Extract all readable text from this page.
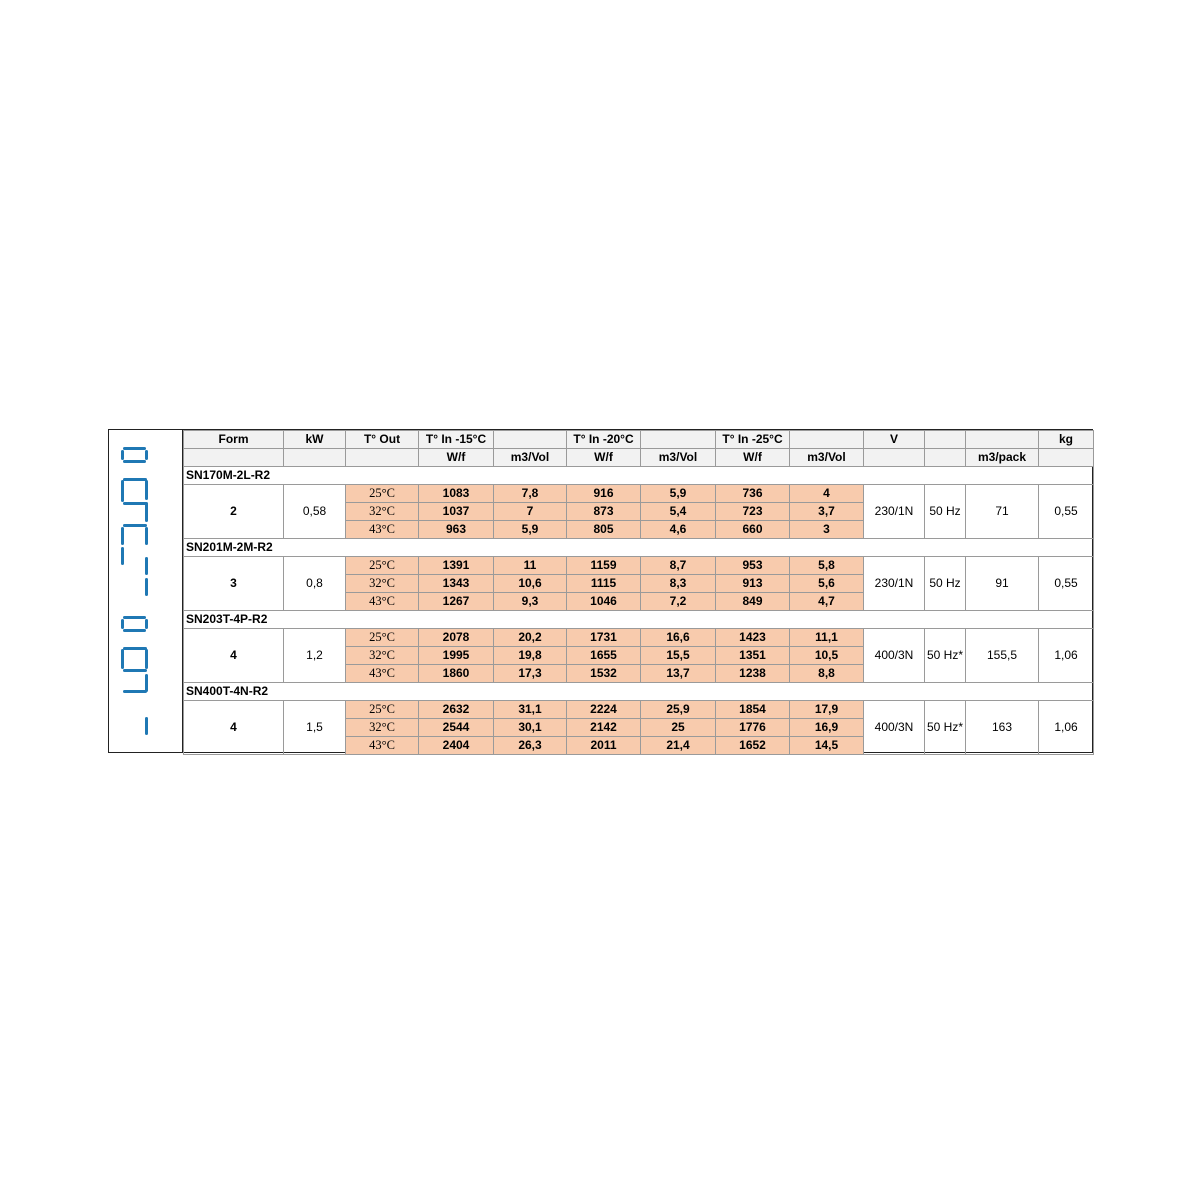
Form	kW	T° Out	T° In -15°C		T° In -20°C		T° In -25°C		V			kg
			W/f	m3/Vol	W/f	m3/Vol	W/f	m3/Vol			m3/pack	
SN170M-2L-R2												
2	0,58	25°C	1083	7,8	916	5,9	736	4	230/1N	50 Hz	71	0,55
		32°C	1037	7	873	5,4	723	3,7				
		43°C	963	5,9	805	4,6	660	3				
SN201M-2M-R2												
3	0,8	25°C	1391	11	1159	8,7	953	5,8	230/1N	50 Hz	91	0,55
		32°C	1343	10,6	1115	8,3	913	5,6				
		43°C	1267	9,3	1046	7,2	849	4,7				
SN203T-4P-R2												
4	1,2	25°C	2078	20,2	1731	16,6	1423	11,1	400/3N	50 Hz*	155,5	1,06
		32°C	1995	19,8	1655	15,5	1351	10,5				
		43°C	1860	17,3	1532	13,7	1238	8,8				
SN400T-4N-R2												
4	1,5	25°C	2632	31,1	2224	25,9	1854	17,9	400/3N	50 Hz*	163	1,06
		32°C	2544	30,1	2142	25	1776	16,9				
		43°C	2404	26,3	2011	21,4	1652	14,5				
